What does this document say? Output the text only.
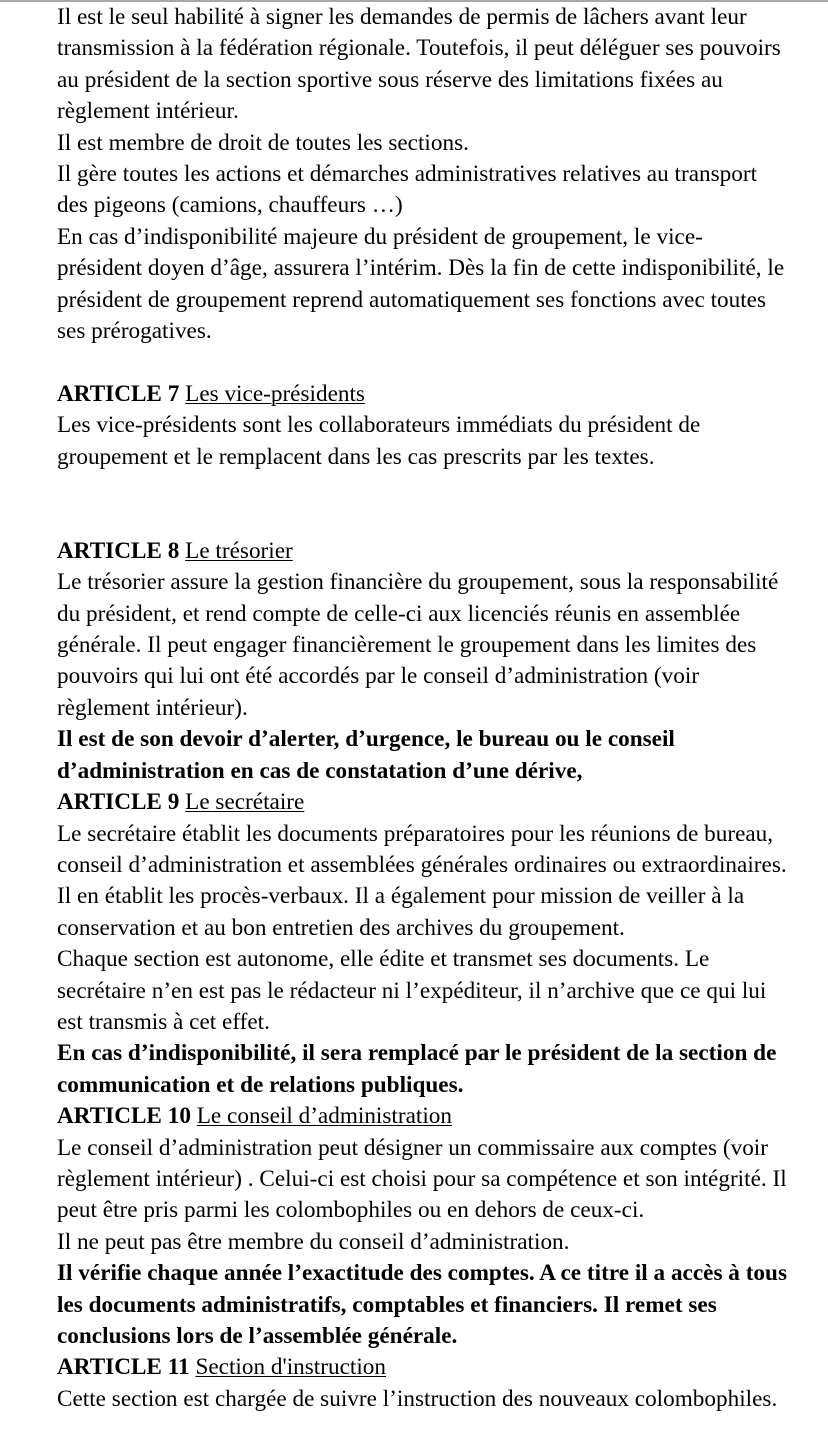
Il est le seul habilité à signer les demandes de permis de lâchers avant leur transmission à la fédération régionale. Toutefois, il peut déléguer ses pouvoirs au président de la section sportive sous réserve des limitations fixées au règlement intérieur.

Il est membre de droit de toutes les sections.

Il gère toutes les actions et démarches administratives relatives au transport des pigeons (camions, chauffeurs …)

En cas d’indisponibilité majeure du président de groupement, le vice-président doyen d’âge, assurera l’intérim. Dès la fin de cette indisponibilité, le président de groupement reprend automatiquement ses fonctions avec toutes ses prérogatives.

ARTICLE 7 Les vice-présidents

Les vice-présidents sont les collaborateurs immédiats du président de groupement et le remplacent dans les cas prescrits par les textes.

ARTICLE 8 Le trésorier

Le trésorier assure la gestion financière du groupement, sous la responsabilité du président, et rend compte de celle-ci aux licenciés réunis en assemblée générale. Il peut engager financièrement le groupement dans les limites des pouvoirs qui lui ont été accordés par le conseil d’administration (voir règlement intérieur).

Il est de son devoir d’alerter, d’urgence, le bureau ou le conseil d’administration en cas de constatation d’une dérive,

ARTICLE 9 Le secrétaire

Le secrétaire établit les documents préparatoires pour les réunions de bureau, conseil d’administration et assemblées générales ordinaires ou extraordinaires. Il en établit les procès-verbaux. Il a également pour mission de veiller à la conservation et au bon entretien des archives du groupement.

Chaque section est autonome, elle édite et transmet ses documents. Le secrétaire n’en est pas le rédacteur ni l’expéditeur, il n’archive que ce qui lui est transmis à cet effet.

En cas d’indisponibilité, il sera remplacé par le président de la section de communication et de relations publiques.

ARTICLE 10 Le conseil d’administration

Le conseil d’administration peut désigner un commissaire aux comptes (voir règlement intérieur) . Celui-ci est choisi pour sa compétence et son intégrité. Il peut être pris parmi les colombophiles ou en dehors de ceux-ci.

Il ne peut pas être membre du conseil d’administration.

Il vérifie chaque année l’exactitude des comptes. A ce titre il a accès à tous les documents administratifs, comptables et financiers. Il remet ses conclusions lors de l’assemblée générale.

ARTICLE 11 Section d'instruction

Cette section est chargée de suivre l’instruction des nouveaux colombophiles.
